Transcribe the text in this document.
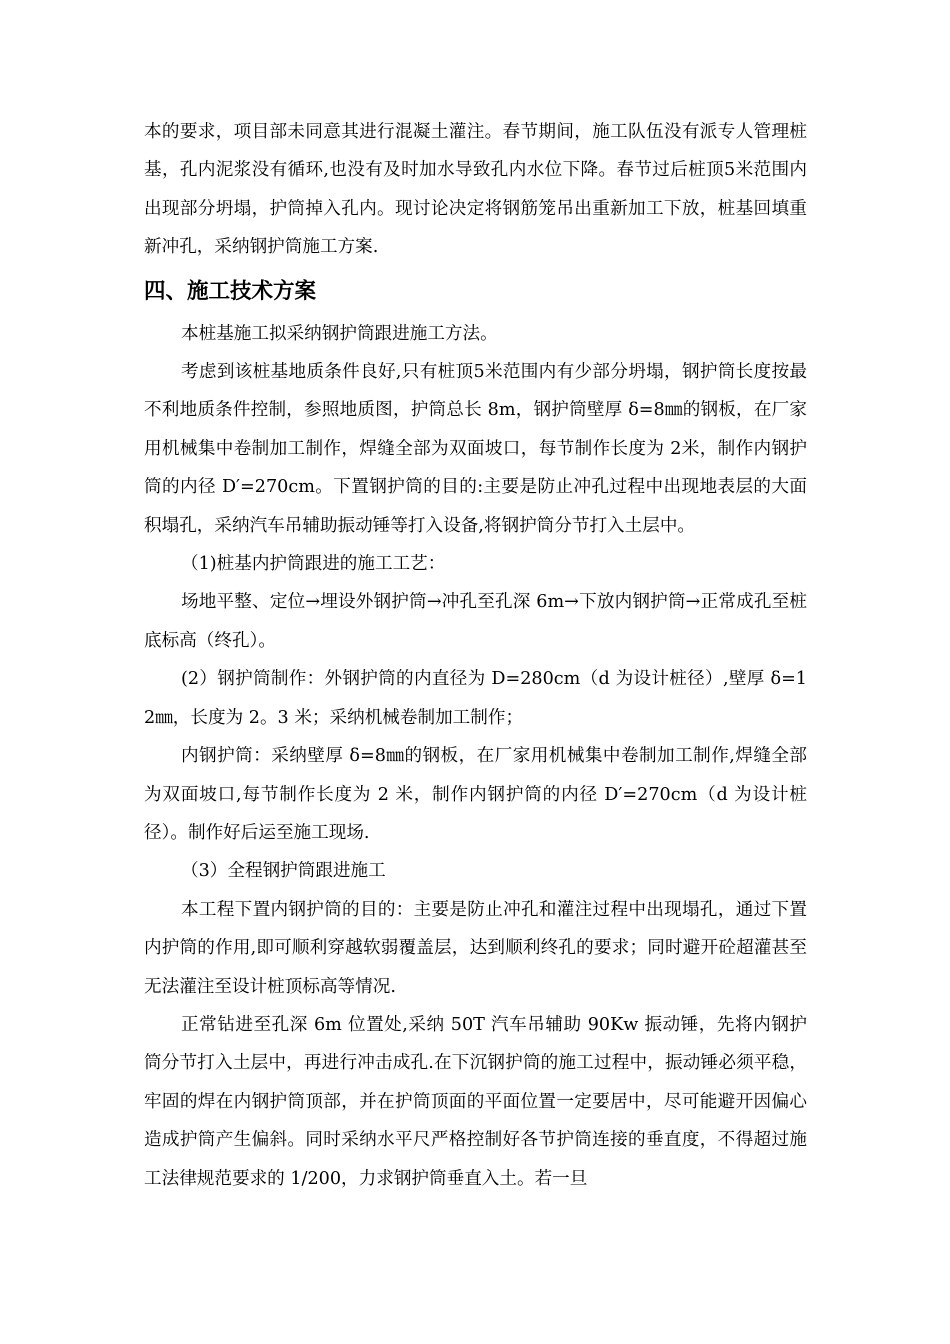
本的要求，项目部未同意其进行混凝土灌注。春节期间，施工队伍没有派专人管理桩基，孔内泥浆没有循环,也没有及时加水导致孔内水位下降。春节过后桩顶5米范围内出现部分坍塌，护筒掉入孔内。现讨论决定将钢筋笼吊出重新加工下放，桩基回填重新冲孔，采纳钢护筒施工方案.

四、施工技术方案

本桩基施工拟采纳钢护筒跟进施工方法。

考虑到该桩基地质条件良好,只有桩顶5米范围内有少部分坍塌，钢护筒长度按最不利地质条件控制，参照地质图，护筒总长 8m，钢护筒壁厚 δ=8㎜的钢板，在厂家用机械集中卷制加工制作，焊缝全部为双面坡口，每节制作长度为 2米，制作内钢护筒的内径 D′=270cm。下置钢护筒的目的:主要是防止冲孔过程中出现地表层的大面积塌孔，采纳汽车吊辅助振动锤等打入设备,将钢护筒分节打入土层中。

（1)桩基内护筒跟进的施工工艺：

场地平整、定位→埋设外钢护筒→冲孔至孔深 6m→下放内钢护筒→正常成孔至桩底标高（终孔）。

(2）钢护筒制作：外钢护筒的内直径为 D=280cm（d 为设计桩径）,壁厚 δ=12㎜，长度为 2。3 米；采纳机械卷制加工制作；

内钢护筒：采纳壁厚 δ=8㎜的钢板，在厂家用机械集中卷制加工制作,焊缝全部为双面坡口,每节制作长度为 2 米，制作内钢护筒的内径 D′=270cm（d 为设计桩径）。制作好后运至施工现场.

（3）全程钢护筒跟进施工

本工程下置内钢护筒的目的：主要是防止冲孔和灌注过程中出现塌孔，通过下置内护筒的作用,即可顺利穿越软弱覆盖层，达到顺利终孔的要求；同时避开砼超灌甚至无法灌注至设计桩顶标高等情况.

正常钻进至孔深 6m 位置处,采纳 50T 汽车吊辅助 90Kw 振动锤，先将内钢护筒分节打入土层中，再进行冲击成孔.在下沉钢护筒的施工过程中，振动锤必须平稳，牢固的焊在内钢护筒顶部，并在护筒顶面的平面位置一定要居中，尽可能避开因偏心造成护筒产生偏斜。同时采纳水平尺严格控制好各节护筒连接的垂直度，不得超过施工法律规范要求的 1/200，力求钢护筒垂直入土。若一旦
